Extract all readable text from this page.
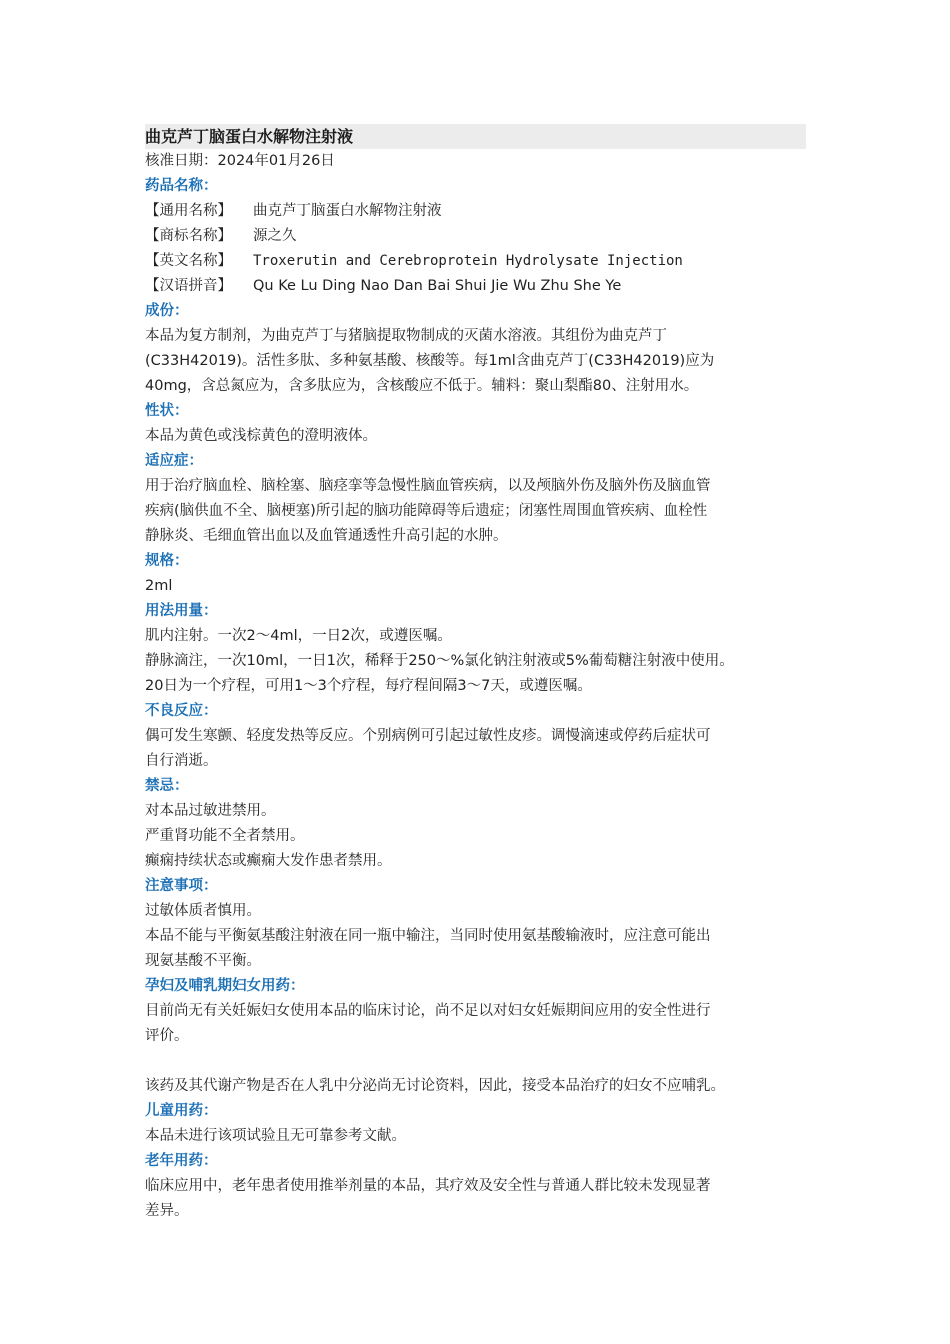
曲克芦丁脑蛋白水解物注射液
核准日期：2024年01月26日
药品名称：
【通用名称】 曲克芦丁脑蛋白水解物注射液
【商标名称】 源之久
【英文名称】 Troxerutin and Cerebroprotein Hydrolysate Injection
【汉语拼音】 Qu Ke Lu Ding Nao Dan Bai Shui Jie Wu Zhu She Ye
成份：
本品为复方制剂，为曲克芦丁与猪脑提取物制成的灭菌水溶液。其组份为曲克芦丁
(C33H42019)。活性多肽、多种氨基酸、核酸等。每1ml含曲克芦丁(C33H42019)应为
40mg，含总氮应为，含多肽应为，含核酸应不低于。辅料：聚山梨酯80、注射用水。
性状：
本品为黄色或浅棕黄色的澄明液体。
适应症：
用于治疗脑血栓、脑栓塞、脑痉挛等急慢性脑血管疾病，以及颅脑外伤及脑外伤及脑血管
疾病(脑供血不全、脑梗塞)所引起的脑功能障碍等后遗症；闭塞性周围血管疾病、血栓性
静脉炎、毛细血管出血以及血管通透性升高引起的水肿。
规格：
2ml
用法用量：
肌内注射。一次2～4ml，一日2次，或遵医嘱。
静脉滴注，一次10ml，一日1次，稀释于250～%氯化钠注射液或5%葡萄糖注射液中使用。
20日为一个疗程，可用1～3个疗程，每疗程间隔3～7天，或遵医嘱。
不良反应：
偶可发生寒颤、轻度发热等反应。个别病例可引起过敏性皮疹。调慢滴速或停药后症状可
自行消逝。
禁忌：
对本品过敏进禁用。
严重肾功能不全者禁用。
癫痫持续状态或癫痫大发作患者禁用。
注意事项：
过敏体质者慎用。
本品不能与平衡氨基酸注射液在同一瓶中输注，当同时使用氨基酸输液时，应注意可能出
现氨基酸不平衡。
孕妇及哺乳期妇女用药：
目前尚无有关妊娠妇女使用本品的临床讨论，尚不足以对妇女妊娠期间应用的安全性进行
评价。
该药及其代谢产物是否在人乳中分泌尚无讨论资料，因此，接受本品治疗的妇女不应哺乳。
儿童用药：
本品未进行该项试验且无可靠参考文献。
老年用药：
临床应用中，老年患者使用推举剂量的本品，其疗效及安全性与普通人群比较未发现显著
差异。
